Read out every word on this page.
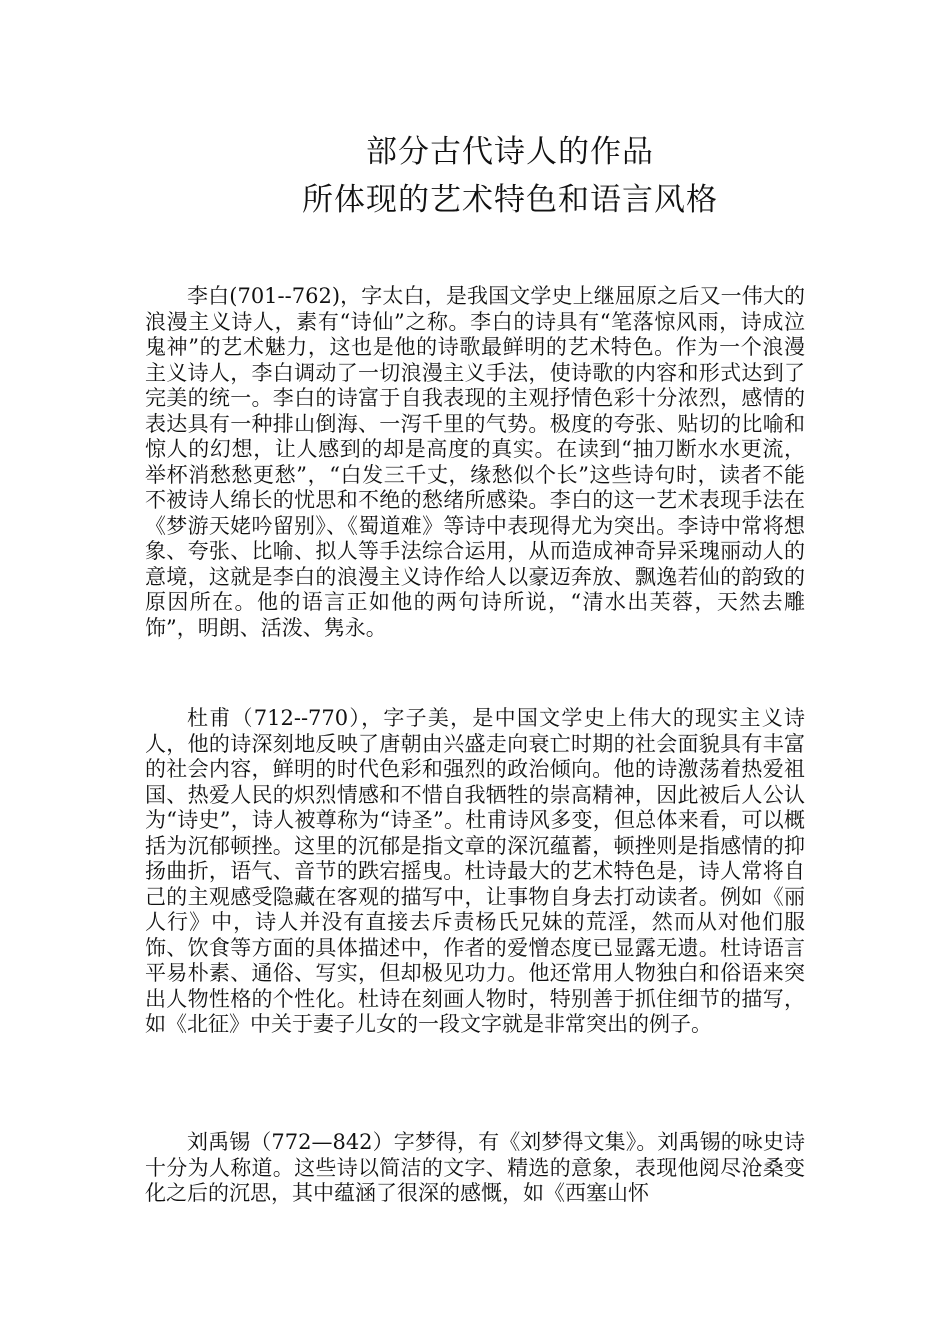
部分古代诗人的作品
所体现的艺术特色和语言风格

李白(701--762)，字太白，是我国文学史上继屈原之后又一伟大的浪漫主义诗人，素有“诗仙”之称。李白的诗具有“笔落惊风雨，诗成泣鬼神”的艺术魅力，这也是他的诗歌最鲜明的艺术特色。作为一个浪漫主义诗人，李白调动了一切浪漫主义手法，使诗歌的内容和形式达到了完美的统一。李白的诗富于自我表现的主观抒情色彩十分浓烈，感情的表达具有一种排山倒海、一泻千里的气势。极度的夸张、贴切的比喻和惊人的幻想，让人感到的却是高度的真实。在读到“抽刀断水水更流，举杯消愁愁更愁”，“白发三千丈，缘愁似个长”这些诗句时，读者不能不被诗人绵长的忧思和不绝的愁绪所感染。李白的这一艺术表现手法在《梦游天姥吟留别》、《蜀道难》等诗中表现得尤为突出。李诗中常将想象、夸张、比喻、拟人等手法综合运用，从而造成神奇异采瑰丽动人的意境，这就是李白的浪漫主义诗作给人以豪迈奔放、飘逸若仙的韵致的原因所在。他的语言正如他的两句诗所说，“清水出芙蓉，天然去雕饰”，明朗、活泼、隽永。

杜甫（712--770），字子美，是中国文学史上伟大的现实主义诗人，他的诗深刻地反映了唐朝由兴盛走向衰亡时期的社会面貌具有丰富的社会内容，鲜明的时代色彩和强烈的政治倾向。他的诗激荡着热爱祖国、热爱人民的炽烈情感和不惜自我牺牲的崇高精神，因此被后人公认为“诗史”，诗人被尊称为“诗圣”。杜甫诗风多变，但总体来看，可以概括为沉郁顿挫。这里的沉郁是指文章的深沉蕴蓄，顿挫则是指感情的抑扬曲折，语气、音节的跌宕摇曳。杜诗最大的艺术特色是，诗人常将自己的主观感受隐藏在客观的描写中，让事物自身去打动读者。例如《丽人行》中，诗人并没有直接去斥责杨氏兄妹的荒淫，然而从对他们服饰、饮食等方面的具体描述中，作者的爱憎态度已显露无遗。杜诗语言平易朴素、通俗、写实，但却极见功力。他还常用人物独白和俗语来突出人物性格的个性化。杜诗在刻画人物时，特别善于抓住细节的描写，如《北征》中关于妻子儿女的一段文字就是非常突出的例子。

刘禹锡（772—842）字梦得，有《刘梦得文集》。刘禹锡的咏史诗十分为人称道。这些诗以简洁的文字、精选的意象，表现他阅尽沧桑变化之后的沉思，其中蕴涵了很深的感慨，如《西塞山怀
